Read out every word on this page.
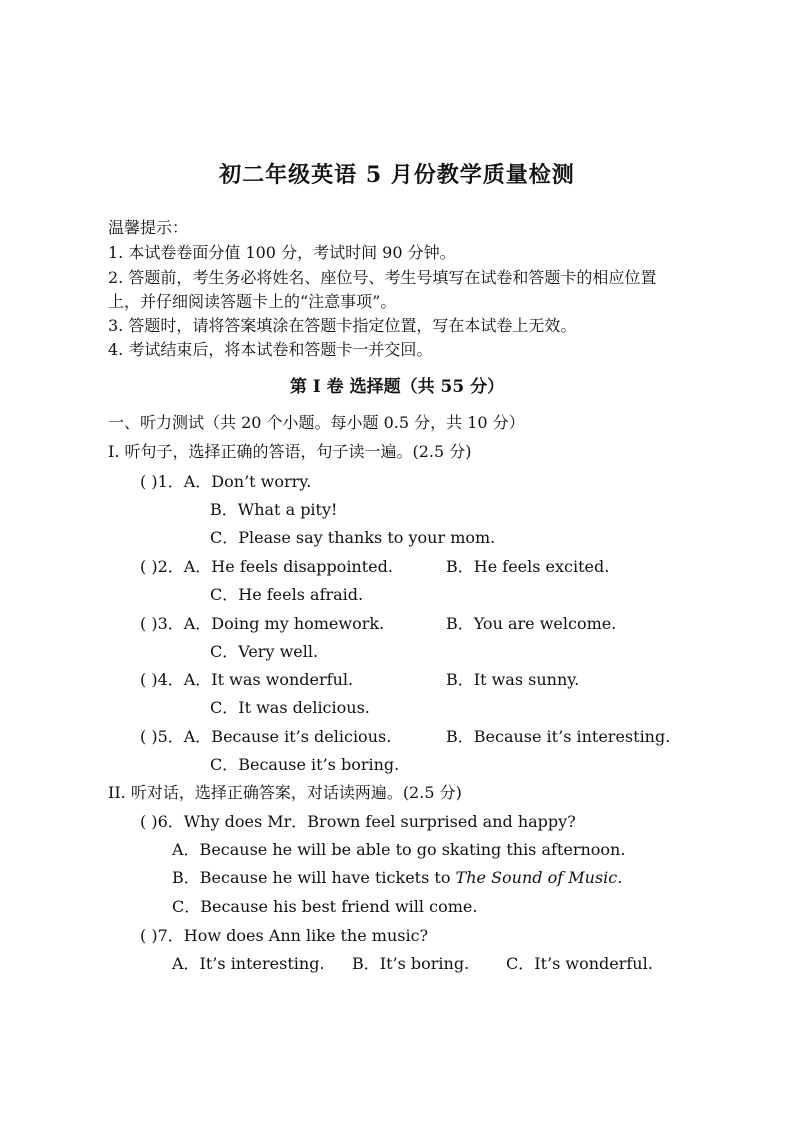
初二年级英语 5 月份教学质量检测
温馨提示：
1. 本试卷卷面分值 100 分，考试时间 90 分钟。
2. 答题前，考生务必将姓名、座位号、考生号填写在试卷和答题卡的相应位置
上，并仔细阅读答题卡上的“注意事项”。
3. 答题时，请将答案填涂在答题卡指定位置，写在本试卷上无效。
4. 考试结束后，将本试卷和答题卡一并交回。
第 I 卷 选择题（共 55 分）
一、听力测试（共 20 个小题。每小题 0.5 分，共 10 分）
I. 听句子，选择正确的答语，句子读一遍。(2.5 分)
( )1．A．Don’t worry.
B．What a pity!
C．Please say thanks to your mom.
( )2．A．He feels disappointed.	B．He feels excited.
C．He feels afraid.
( )3．A．Doing my homework.	B．You are welcome.
C．Very well.
( )4．A．It was wonderful.	B．It was sunny.
C．It was delicious.
( )5．A．Because it’s delicious.	B．Because it’s interesting.
C．Because it’s boring.
II. 听对话，选择正确答案，对话读两遍。(2.5 分)
( )6．Why does Mr．Brown feel surprised and happy?
A．Because he will be able to go skating this afternoon.
B．Because he will have tickets to The Sound of Music.
C．Because his best friend will come.
( )7．How does Ann like the music?
A．It’s interesting. B．It’s boring. C．It’s wonderful.
